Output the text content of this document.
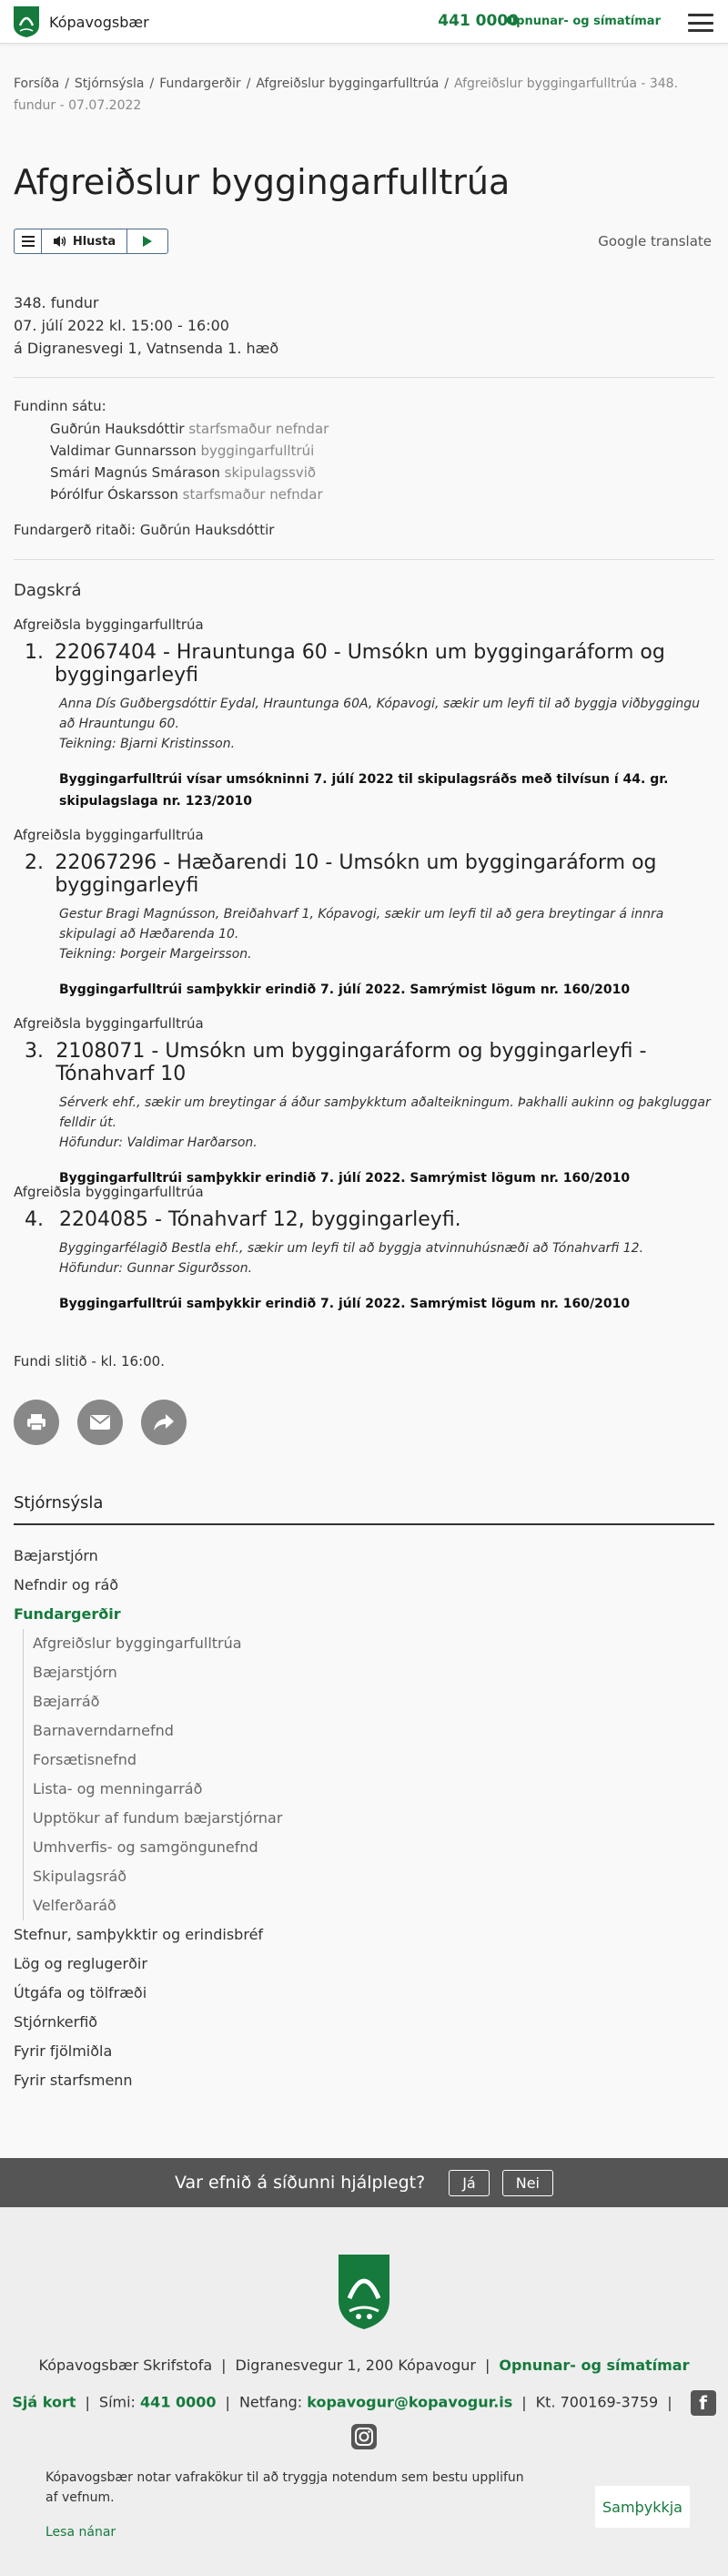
Kópavogsbær	441 0000
Opnunar- og símatímar
Forsíða / Stjórnsýsla / Fundargerðir / Afgreiðslur byggingarfulltrúa / Afgreiðslur byggingarfulltrúa - 348. fundur - 07.07.2022
Afgreiðslur byggingarfulltrúa
Hlusta	Google translate
348. fundur
07. júlí 2022 kl. 15:00 - 16:00
á Digranesvegi 1, Vatnsenda 1. hæð
Fundinn sátu:
Guðrún Hauksdóttir starfsmaður nefndar
Valdimar Gunnarsson byggingarfulltrúi
Smári Magnús Smárason skipulagssvið
Þórólfur Óskarsson starfsmaður nefndar
Fundargerð ritaði: Guðrún Hauksdóttir
Dagskrá
Afgreiðsla byggingarfulltrúa
1. 22067404 - Hrauntunga 60 - Umsókn um byggingaráform og byggingarleyfi
Anna Dís Guðbergsdóttir Eydal, Hrauntunga 60A, Kópavogi, sækir um leyfi til að byggja viðbyggingu að Hrauntungu 60.
Teikning: Bjarni Kristinsson.
Byggingarfulltrúi vísar umsókninni 7. júlí 2022 til skipulagsráðs með tilvísun í 44. gr. skipulagslaga nr. 123/2010
Afgreiðsla byggingarfulltrúa
2. 22067296 - Hæðarendi 10 - Umsókn um byggingaráform og byggingarleyfi
Gestur Bragi Magnússon, Breiðahvarf 1, Kópavogi, sækir um leyfi til að gera breytingar á innra skipulagi að Hæðarenda 10.
Teikning: Þorgeir Margeirsson.
Byggingarfulltrúi samþykkir erindið 7. júlí 2022. Samrýmist lögum nr. 160/2010
Afgreiðsla byggingarfulltrúa
3. 2108071 - Umsókn um byggingaráform og byggingarleyfi - Tónahvarf 10
Sérverk ehf., sækir um breytingar á áður samþykktum aðalteikningum. Þakhalli aukinn og þakgluggar felldir út.
Höfundur: Valdimar Harðarson.
Byggingarfulltrúi samþykkir erindið 7. júlí 2022. Samrýmist lögum nr. 160/2010
Afgreiðsla byggingarfulltrúa
4. 2204085 - Tónahvarf 12, byggingarleyfi.
Byggingarfélagið Bestla ehf., sækir um leyfi til að byggja atvinnuhúsnæði að Tónahvarfi 12.
Höfundur: Gunnar Sigurðsson.
Byggingarfulltrúi samþykkir erindið 7. júlí 2022. Samrýmist lögum nr. 160/2010
Fundi slitið - kl. 16:00.
Stjórnsýsla
Bæjarstjórn
Nefndir og ráð
Fundargerðir
Afgreiðslur byggingarfulltrúa
Bæjarstjórn
Bæjarráð
Barnaverndarnefnd
Forsætisnefnd
Lista- og menningarráð
Upptökur af fundum bæjarstjórnar
Umhverfis- og samgöngunefnd
Skipulagsráð
Velferðaráð
Stefnur, samþykktir og erindisbréf
Lög og reglugerðir
Útgáfa og tölfræði
Stjórnkerfið
Fyrir fjölmiðla
Fyrir starfsmenn
Var efnið á síðunni hjálplegt?	Já	Nei
Kópavogsbær Skrifstofa | Digranesvegur 1, 200 Kópavogur | Opnunar- og símatímar
Sjá kort | Sími: 441 0000 | Netfang: kopavogur@kopavogur.is | Kt. 700169-3759 | f
Kópavogsbær notar vafrakökur til að tryggja notendum sem bestu upplifun af vefnum.
Lesa nánar
Samþykkja
